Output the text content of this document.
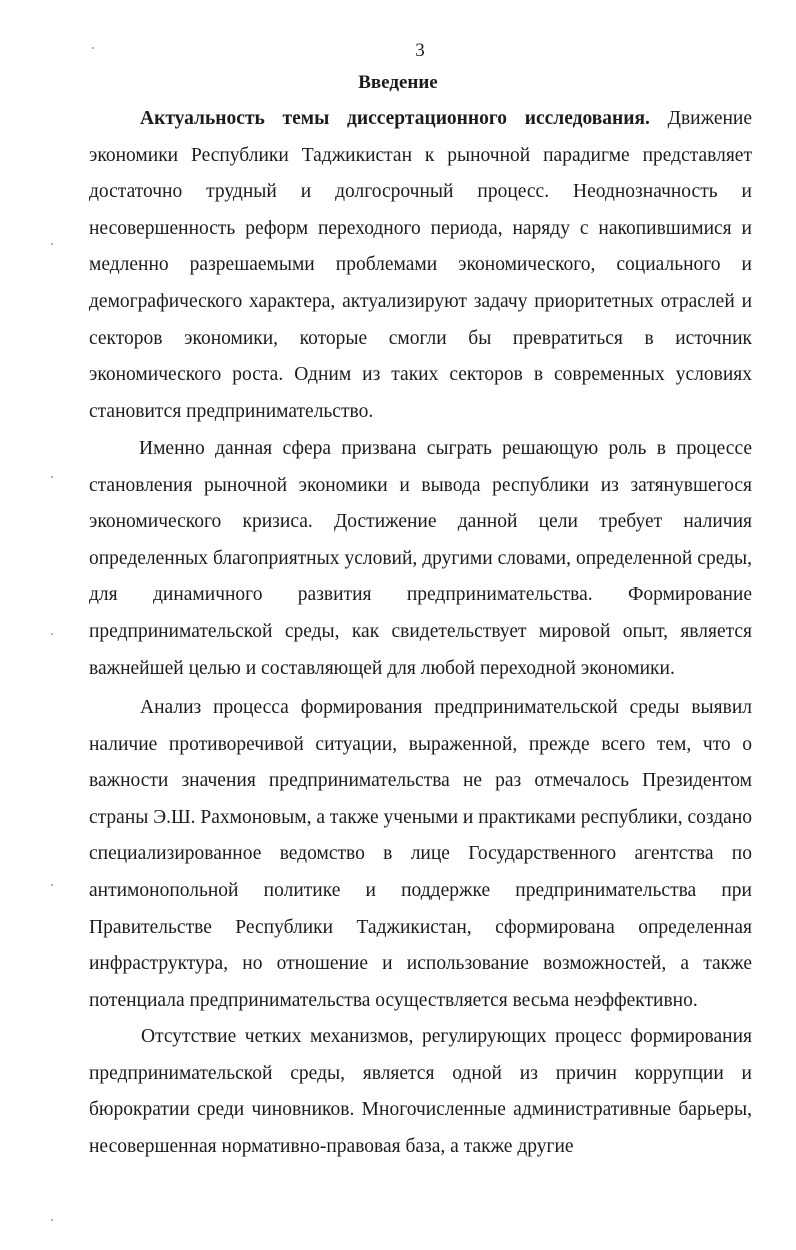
3
Введение

Актуальность темы диссертационного исследования. Движение экономики Республики Таджикистан к рыночной парадигме представляет достаточно трудный и долгосрочный процесс. Неоднозначность и несовершенность реформ переходного периода, наряду с накопившимися и медленно разрешаемыми проблемами экономического, социального и демографического характера, актуализируют задачу приоритетных отраслей и секторов экономики, которые смогли бы превратиться в источник экономического роста. Одним из таких секторов в современных условиях становится предпринимательство.

Именно данная сфера призвана сыграть решающую роль в процессе становления рыночной экономики и вывода республики из затянувшегося экономического кризиса. Достижение данной цели требует наличия определенных благоприятных условий, другими словами, определенной среды, для динамичного развития предпринимательства. Формирование предпринимательской среды, как свидетельствует мировой опыт, является важнейшей целью и составляющей для любой переходной экономики.

Анализ процесса формирования предпринимательской среды выявил наличие противоречивой ситуации, выраженной, прежде всего тем, что о важности значения предпринимательства не раз отмечалось Президентом страны Э.Ш. Рахмоновым, а также учеными и практиками республики, создано специализированное ведомство в лице Государственного агентства по антимонопольной политике и поддержке предпринимательства при Правительстве Республики Таджикистан, сформирована определенная инфраструктура, но отношение и использование возможностей, а также потенциала предпринимательства осуществляется весьма неэффективно.

Отсутствие четких механизмов, регулирующих процесс формирования предпринимательской среды, является одной из причин коррупции и бюрократии среди чиновников. Многочисленные административные барьеры, несовершенная нормативно-правовая база, а также другие
